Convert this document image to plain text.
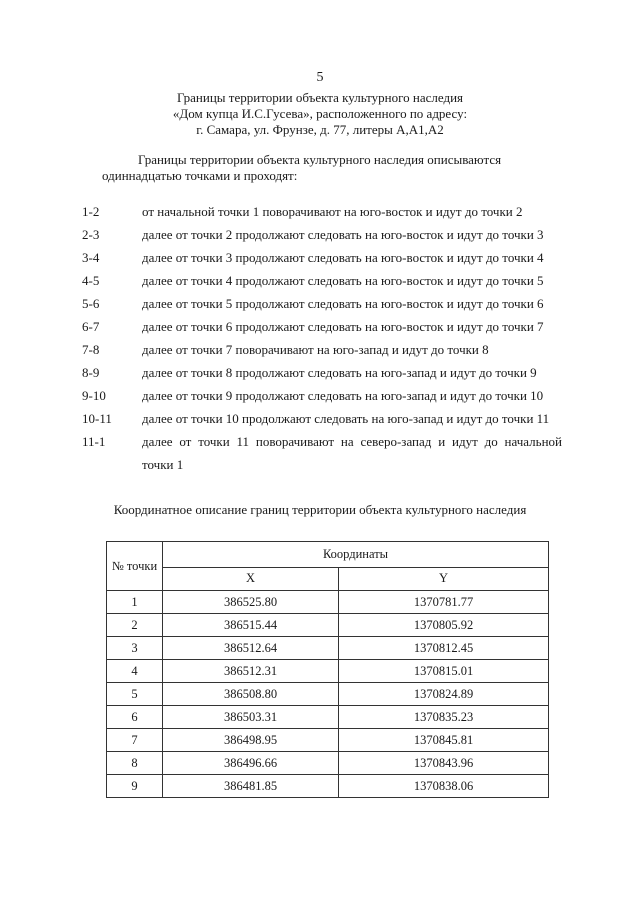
5
Границы территории объекта культурного наследия
«Дом купца И.С.Гусева», расположенного по адресу:
г. Самара, ул. Фрунзе, д. 77, литеры А,А1,А2
Границы территории объекта культурного наследия описываются
одиннадцатью точками и проходят:
1-2	от начальной точки 1 поворачивают на юго-восток и идут до точки 2
2-3	далее от точки 2 продолжают следовать на юго-восток и идут до точки 3
3-4	далее от точки 3 продолжают следовать на юго-восток и идут до точки 4
4-5	далее от точки 4 продолжают следовать на юго-восток и идут до точки 5
5-6	далее от точки 5 продолжают следовать на юго-восток и идут до точки 6
6-7	далее от точки 6 продолжают следовать на юго-восток и идут до точки 7
7-8	далее от точки 7 поворачивают на юго-запад и идут до точки 8
8-9	далее от точки 8 продолжают следовать на юго-запад и идут до точки 9
9-10	далее от точки 9 продолжают следовать на юго-запад и идут до точки 10
10-11	далее от точки 10 продолжают следовать на юго-запад и идут до точки 11
11-1	далее от точки 11 поворачивают на северо-запад и идут до начальной
точки 1
Координатное описание границ территории объекта культурного наследия
№ точки	Координаты	
	X	Y
1	386525.80	1370781.77
2	386515.44	1370805.92
3	386512.64	1370812.45
4	386512.31	1370815.01
5	386508.80	1370824.89
6	386503.31	1370835.23
7	386498.95	1370845.81
8	386496.66	1370843.96
9	386481.85	1370838.06
